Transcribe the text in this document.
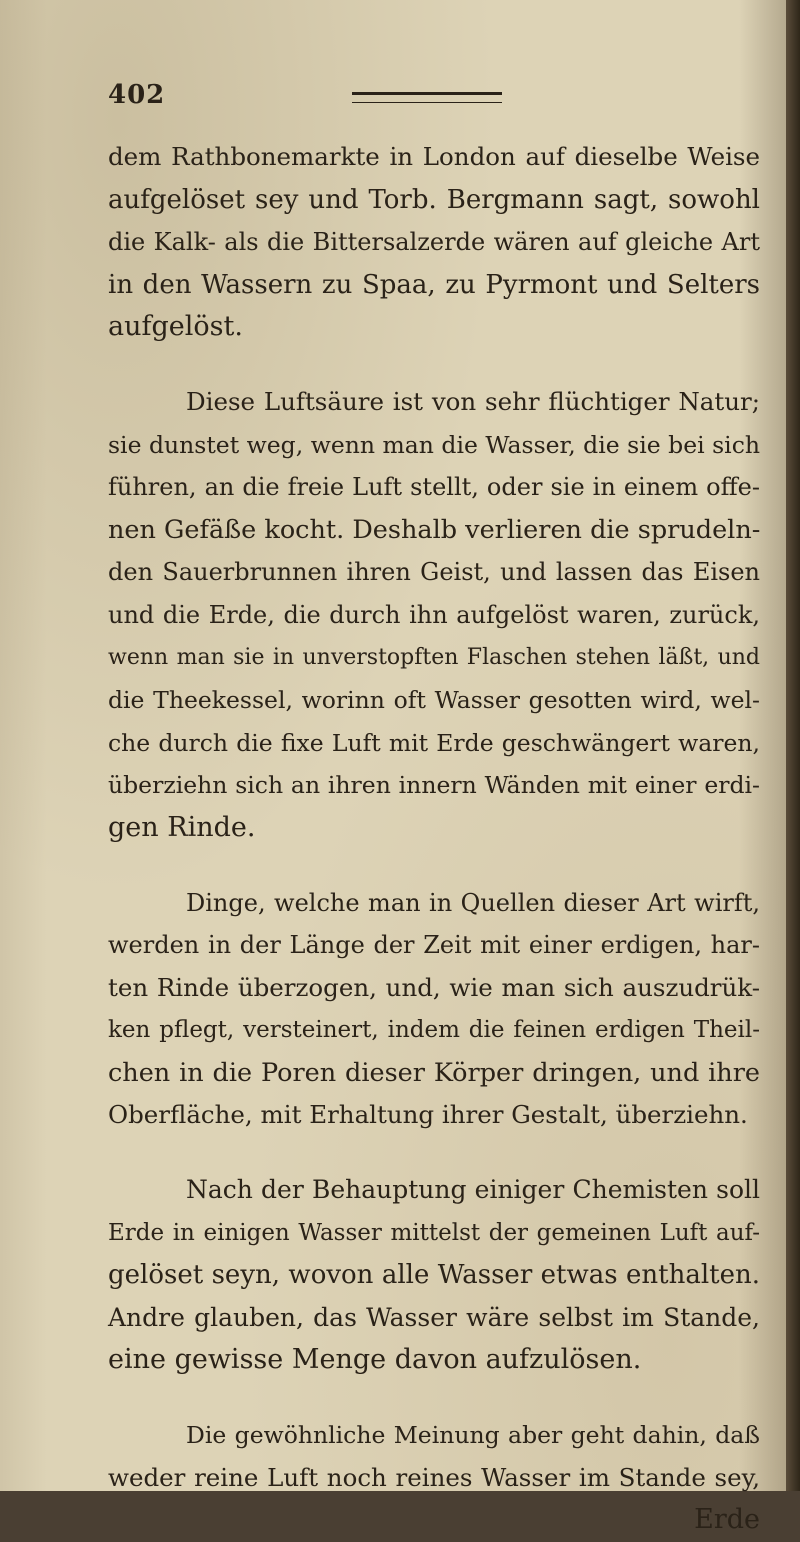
402
dem Rathbonemarkte in London auf dieselbe Weise
aufgelöset sey und Torb. Bergmann sagt, sowohl
die Kalk- als die Bittersalzerde wären auf gleiche Art
in den Wassern zu Spaa, zu Pyrmont und Selters
aufgelöst.
Diese Luftsäure ist von sehr flüchtiger Natur;
sie dunstet weg, wenn man die Wasser, die sie bei sich
führen, an die freie Luft stellt, oder sie in einem offe-
nen Gefäße kocht. Deshalb verlieren die sprudeln-
den Sauerbrunnen ihren Geist, und lassen das Eisen
und die Erde, die durch ihn aufgelöst waren, zurück,
wenn man sie in unverstopften Flaschen stehen läßt, und
die Theekessel, worinn oft Wasser gesotten wird, wel-
che durch die fixe Luft mit Erde geschwängert waren,
überziehn sich an ihren innern Wänden mit einer erdi-
gen Rinde.
Dinge, welche man in Quellen dieser Art wirft,
werden in der Länge der Zeit mit einer erdigen, har-
ten Rinde überzogen, und, wie man sich auszudrük-
ken pflegt, versteinert, indem die feinen erdigen Theil-
chen in die Poren dieser Körper dringen, und ihre
Oberfläche, mit Erhaltung ihrer Gestalt, überziehn.
Nach der Behauptung einiger Chemisten soll
Erde in einigen Wasser mittelst der gemeinen Luft auf-
gelöset seyn, wovon alle Wasser etwas enthalten.
Andre glauben, das Wasser wäre selbst im Stande,
eine gewisse Menge davon aufzulösen.
Die gewöhnliche Meinung aber geht dahin, daß
weder reine Luft noch reines Wasser im Stande sey,
Erde
